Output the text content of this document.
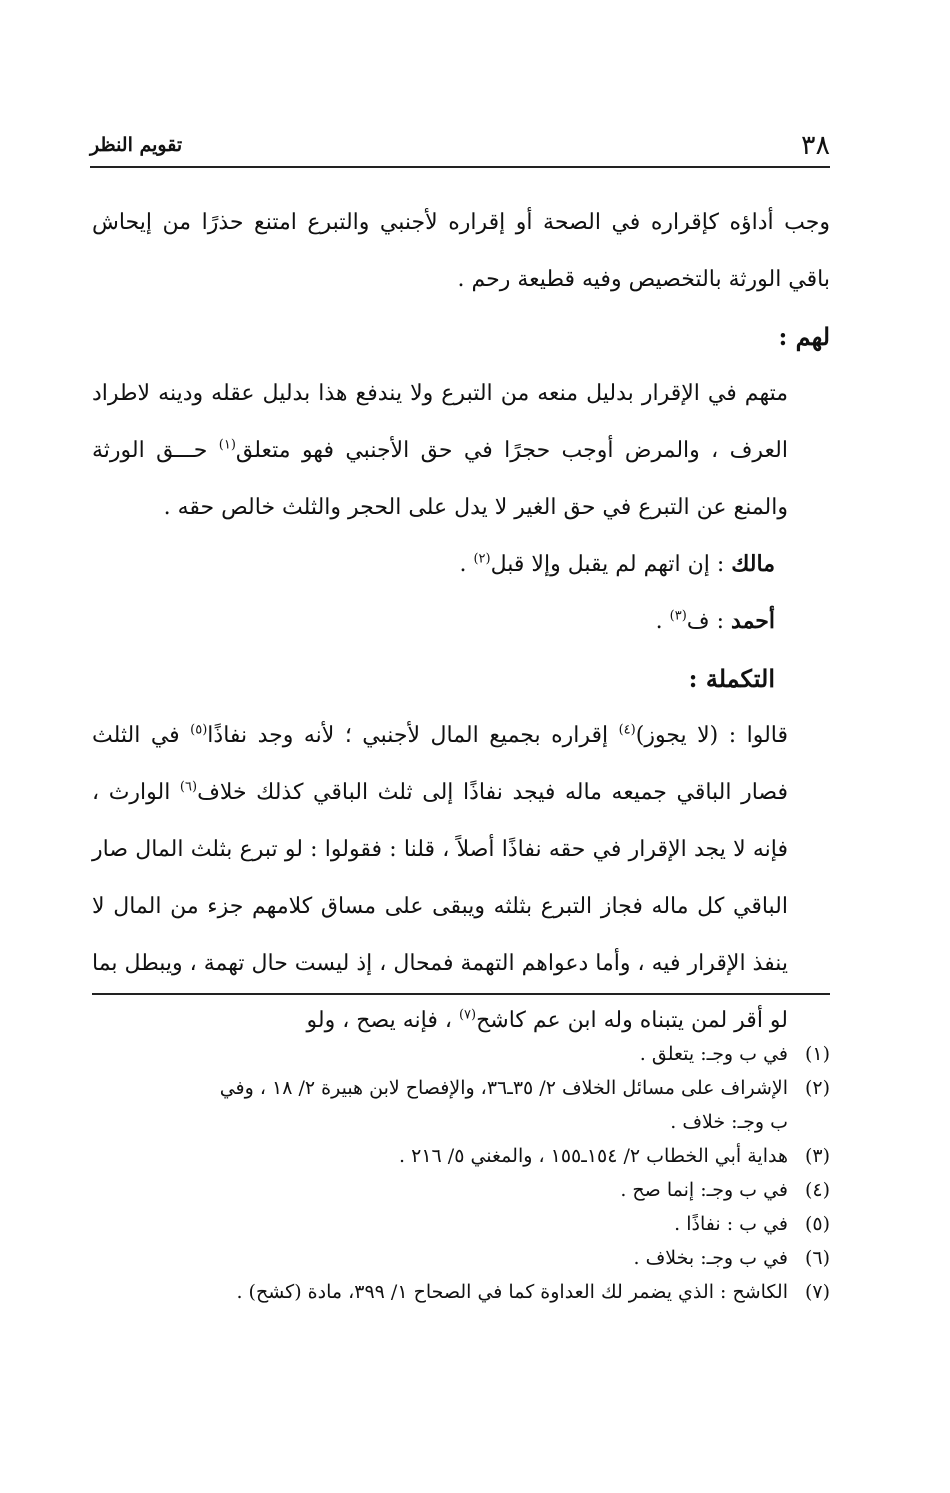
٣٨
تقويم النظر

وجب أداؤه كإقراره في الصحة أو إقراره لأجنبي والتبرع امتنع حذرًا من إيحاش باقي الورثة بالتخصيص وفيه قطيعة رحم .

لهم :

متهم في الإقرار بدليل منعه من التبرع ولا يندفع هذا بدليل عقله ودينه لاطراد العرف ، والمرض أوجب حجرًا في حق الأجنبي فهو متعلق$^{(١)}$ حـــق الورثة والمنع عن التبرع في حق الغير لا يدل على الحجر والثلث خالص حقه .

مالك : إن اتهم لم يقبل وإلا قبل$^{(٢)}$ .

أحمد : ف$^{(٣)}$ .

التكملة :

قالوا : (لا يجوز)$^{(٤)}$ إقراره بجميع المال لأجنبي ؛ لأنه وجد نفاذًا$^{(٥)}$ في الثلث فصار الباقي جميعه ماله فيجد نفاذًا إلى ثلث الباقي كذلك خلاف$^{(٦)}$ الوارث ، فإنه لا يجد الإقرار في حقه نفاذًا أصلاً ، قلنا : فقولوا : لو تبرع بثلث المال صار الباقي كل ماله فجاز التبرع بثلثه ويبقى على مساق كلامهم جزء من المال لا ينفذ الإقرار فيه ، وأما دعواهم التهمة فمحال ، إذ ليست حال تهمة ، ويبطل بما لو أقر لمن يتبناه وله ابن عم كاشح$^{(٧)}$ ، فإنه يصح ، ولو

(١)
في ب وجـ: يتعلق .

(٢)
الإشراف على مسائل الخلاف ٢/ ٣٥ـ٣٦، والإفصاح لابن هبيرة ٢/ ١٨ ، وفي

ب وجـ: خلاف .

(٣)
هداية أبي الخطاب ٢/ ١٥٤ـ١٥٥ ، والمغني ٥/ ٢١٦ .

(٤)
في ب وجـ: إنما صح .

(٥)
في ب : نفاذًا .

(٦)
في ب وجـ: بخلاف .

(٧)
الكاشح : الذي يضمر لك العداوة كما في الصحاح ١/ ٣٩٩، مادة (كشح) .
